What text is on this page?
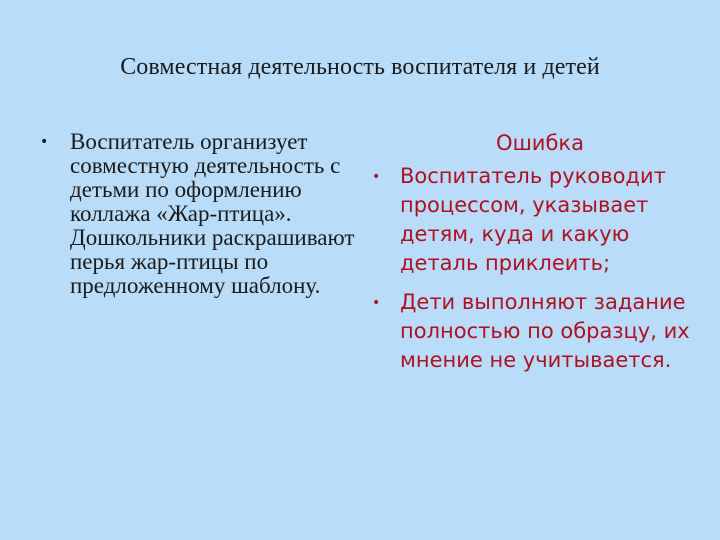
Совместная деятельность воспитателя и детей
• Воспитатель организует совместную деятельность с детьми по оформлению коллажа «Жар-птица». Дошкольники раскрашивают перья жар-птицы по предложенному шаблону.
Ошибка
• Воспитатель руководит процессом, указывает детям, куда и какую деталь приклеить;
• Дети выполняют задание полностью по образцу, их мнение не учитывается.
